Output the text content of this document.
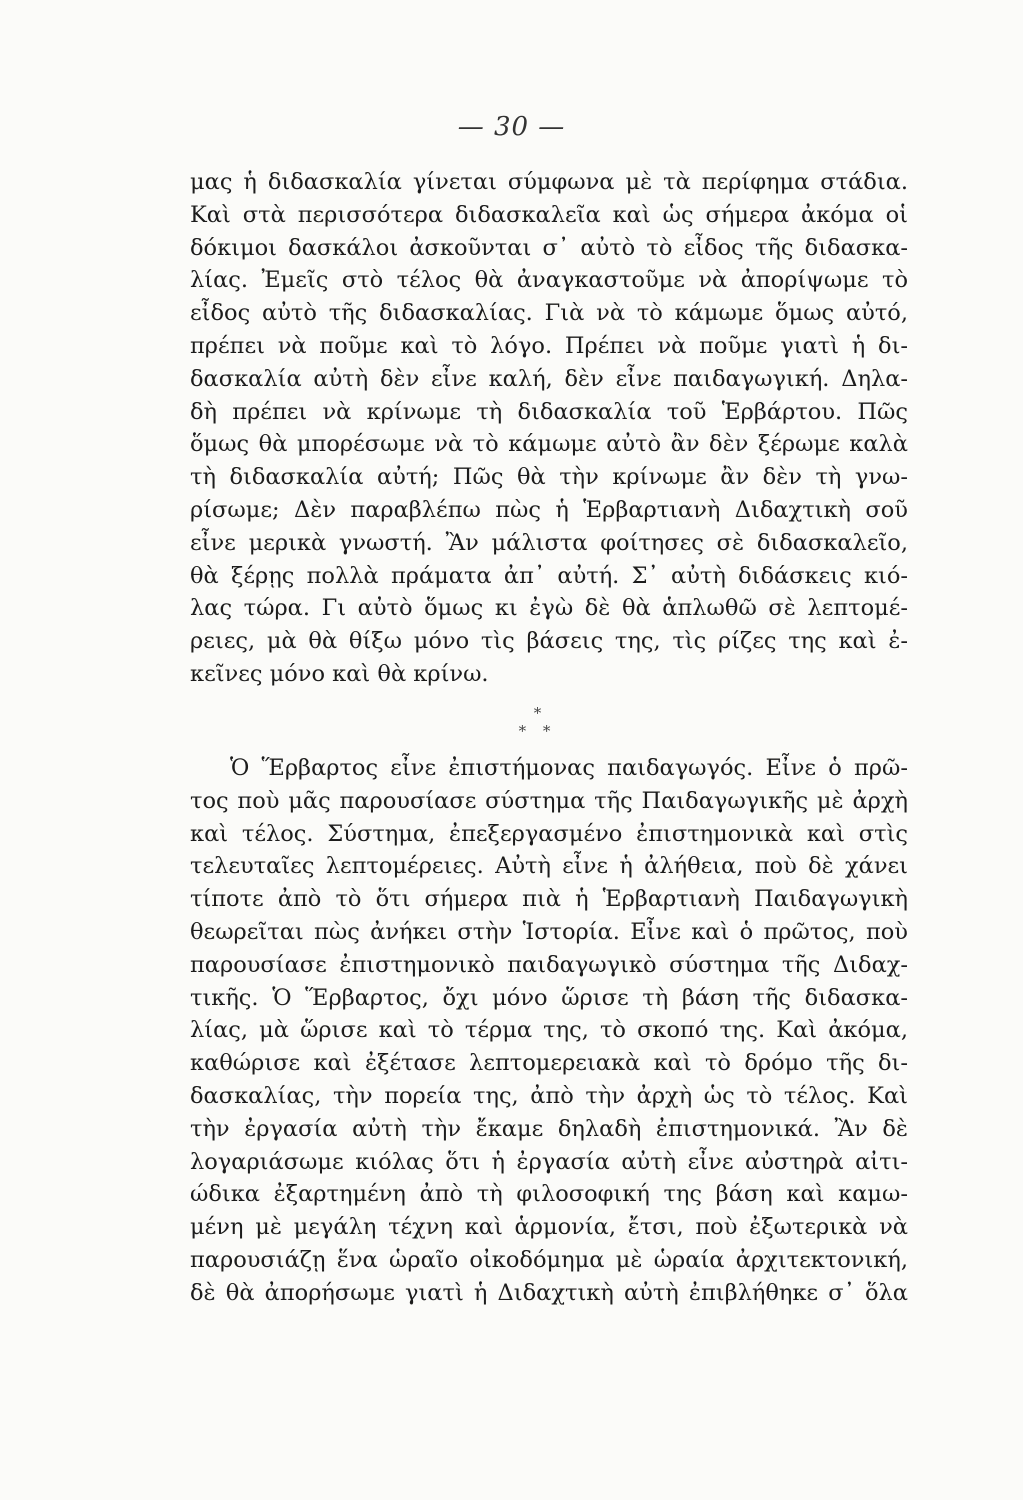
— 30 —
μας ἡ διδασκαλία γίνεται σύμφωνα μὲ τὰ περίφημα στάδια.
Καὶ στὰ περισσότερα διδασκαλεῖα καὶ ὡς σήμερα ἀκόμα οἱ
δόκιμοι δασκάλοι ἀσκοῦνται σ᾿ αὐτὸ τὸ εἶδος τῆς διδασκα-
λίας. Ἐμεῖς στὸ τέλος θὰ ἀναγκαστοῦμε νὰ ἀπορίψωμε τὸ
εἶδος αὐτὸ τῆς διδασκαλίας. Γιὰ νὰ τὸ κάμωμε ὅμως αὐτό,
πρέπει νὰ ποῦμε καὶ τὸ λόγο. Πρέπει νὰ ποῦμε γιατὶ ἡ δι-
δασκαλία αὐτὴ δὲν εἶνε καλή, δὲν εἶνε παιδαγωγική. Δηλα-
δὴ πρέπει νὰ κρίνωμε τὴ διδασκαλία τοῦ Ἑρβάρτου. Πῶς
ὅμως θὰ μπορέσωμε νὰ τὸ κάμωμε αὐτὸ ἂν δὲν ξέρωμε καλὰ
τὴ διδασκαλία αὐτή; Πῶς θὰ τὴν κρίνωμε ἂν δὲν τὴ γνω-
ρίσωμε; Δὲν παραβλέπω πὼς ἡ Ἑρβαρτιανὴ Διδαχτικὴ σοῦ
εἶνε μερικὰ γνωστή. Ἂν μάλιστα φοίτησες σὲ διδασκαλεῖο,
θὰ ξέρῃς πολλὰ πράματα ἀπ᾿ αὐτή. Σ᾿ αὐτὴ διδάσκεις κιό-
λας τώρα. Γι αὐτὸ ὅμως κι ἐγὼ δὲ θὰ ἁπλωθῶ σὲ λεπτομέ-
ρειες, μὰ θὰ θίξω μόνο τὶς βάσεις της, τὶς ρίζες της καὶ ἐ-
κεῖνες μόνο καὶ θὰ κρίνω.
*
* *
Ὁ Ἕρβαρτος εἶνε ἐπιστήμονας παιδαγωγός. Εἶνε ὁ πρῶ-
τος ποὺ μᾶς παρουσίασε σύστημα τῆς Παιδαγωγικῆς μὲ ἀρχὴ
καὶ τέλος. Σύστημα, ἐπεξεργασμένο ἐπιστημονικὰ καὶ στὶς
τελευταῖες λεπτομέρειες. Αὐτὴ εἶνε ἡ ἀλήθεια, ποὺ δὲ χάνει
τίποτε ἀπὸ τὸ ὅτι σήμερα πιὰ ἡ Ἑρβαρτιανὴ Παιδαγωγικὴ
θεωρεῖται πὼς ἀνήκει στὴν Ἱστορία. Εἶνε καὶ ὁ πρῶτος, ποὺ
παρουσίασε ἐπιστημονικὸ παιδαγωγικὸ σύστημα τῆς Διδαχ-
τικῆς. Ὁ Ἕρβαρτος, ὄχι μόνο ὥρισε τὴ βάση τῆς διδασκα-
λίας, μὰ ὥρισε καὶ τὸ τέρμα της, τὸ σκοπό της. Καὶ ἀκόμα,
καθώρισε καὶ ἐξέτασε λεπτομερειακὰ καὶ τὸ δρόμο τῆς δι-
δασκαλίας, τὴν πορεία της, ἀπὸ τὴν ἀρχὴ ὡς τὸ τέλος. Καὶ
τὴν ἐργασία αὐτὴ τὴν ἔκαμε δηλαδὴ ἐπιστημονικά. Ἂν δὲ
λογαριάσωμε κιόλας ὅτι ἡ ἐργασία αὐτὴ εἶνε αὐστηρὰ αἰτι-
ώδικα ἐξαρτημένη ἀπὸ τὴ φιλοσοφική της βάση καὶ καμω-
μένη μὲ μεγάλη τέχνη καὶ ἁρμονία, ἔτσι, ποὺ ἐξωτερικὰ νὰ
παρουσιάζῃ ἕνα ὡραῖο οἰκοδόμημα μὲ ὡραία ἀρχιτεκτονική,
δὲ θὰ ἀπορήσωμε γιατὶ ἡ Διδαχτικὴ αὐτὴ ἐπιβλήθηκε σ᾿ ὅλα
